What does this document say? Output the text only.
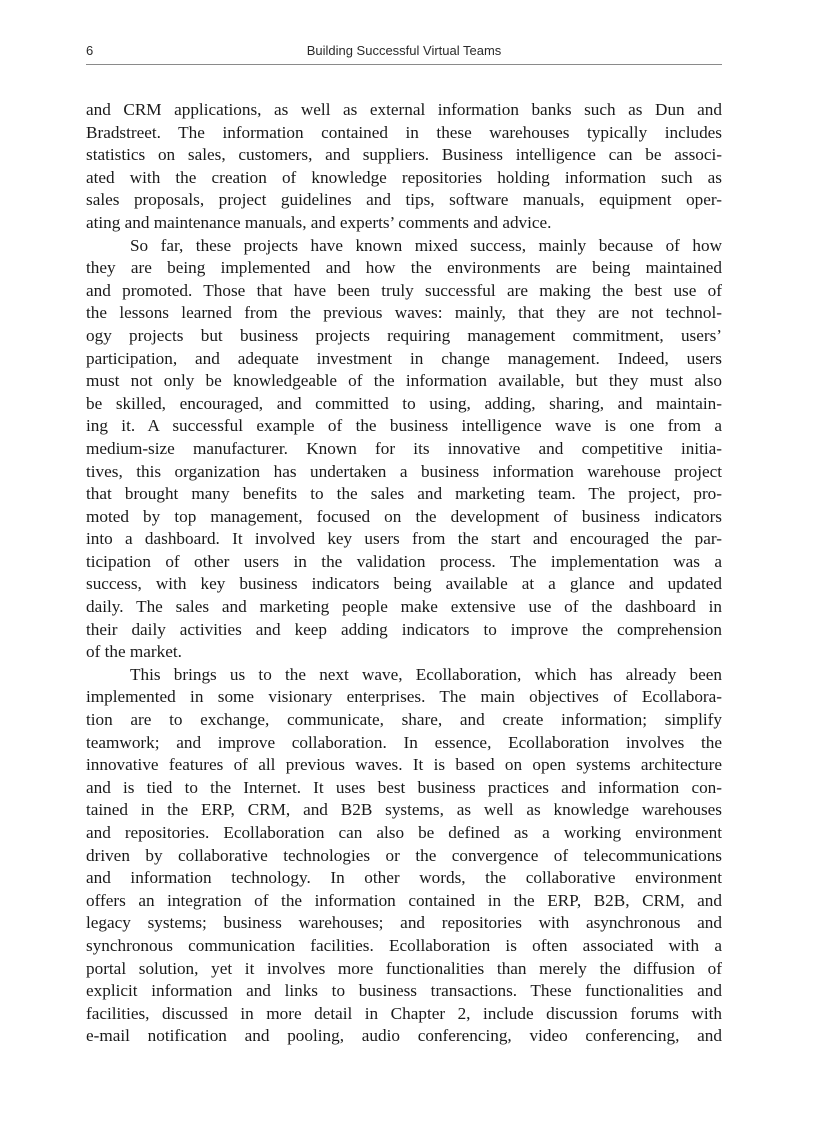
6	Building Successful Virtual Teams
and CRM applications, as well as external information banks such as Dun and
Bradstreet. The information contained in these warehouses typically includes
statistics on sales, customers, and suppliers. Business intelligence can be associ-
ated with the creation of knowledge repositories holding information such as
sales proposals, project guidelines and tips, software manuals, equipment oper-
ating and maintenance manuals, and experts’ comments and advice.
So far, these projects have known mixed success, mainly because of how
they are being implemented and how the environments are being maintained
and promoted. Those that have been truly successful are making the best use of
the lessons learned from the previous waves: mainly, that they are not technol-
ogy projects but business projects requiring management commitment, users’
participation, and adequate investment in change management. Indeed, users
must not only be knowledgeable of the information available, but they must also
be skilled, encouraged, and committed to using, adding, sharing, and maintain-
ing it. A successful example of the business intelligence wave is one from a
medium-size manufacturer. Known for its innovative and competitive initia-
tives, this organization has undertaken a business information warehouse project
that brought many benefits to the sales and marketing team. The project, pro-
moted by top management, focused on the development of business indicators
into a dashboard. It involved key users from the start and encouraged the par-
ticipation of other users in the validation process. The implementation was a
success, with key business indicators being available at a glance and updated
daily. The sales and marketing people make extensive use of the dashboard in
their daily activities and keep adding indicators to improve the comprehension
of the market.
This brings us to the next wave, Ecollaboration, which has already been
implemented in some visionary enterprises. The main objectives of Ecollabora-
tion are to exchange, communicate, share, and create information; simplify
teamwork; and improve collaboration. In essence, Ecollaboration involves the
innovative features of all previous waves. It is based on open systems architecture
and is tied to the Internet. It uses best business practices and information con-
tained in the ERP, CRM, and B2B systems, as well as knowledge warehouses
and repositories. Ecollaboration can also be defined as a working environment
driven by collaborative technologies or the convergence of telecommunications
and information technology. In other words, the collaborative environment
offers an integration of the information contained in the ERP, B2B, CRM, and
legacy systems; business warehouses; and repositories with asynchronous and
synchronous communication facilities. Ecollaboration is often associated with a
portal solution, yet it involves more functionalities than merely the diffusion of
explicit information and links to business transactions. These functionalities and
facilities, discussed in more detail in Chapter 2, include discussion forums with
e-mail notification and pooling, audio conferencing, video conferencing, and
